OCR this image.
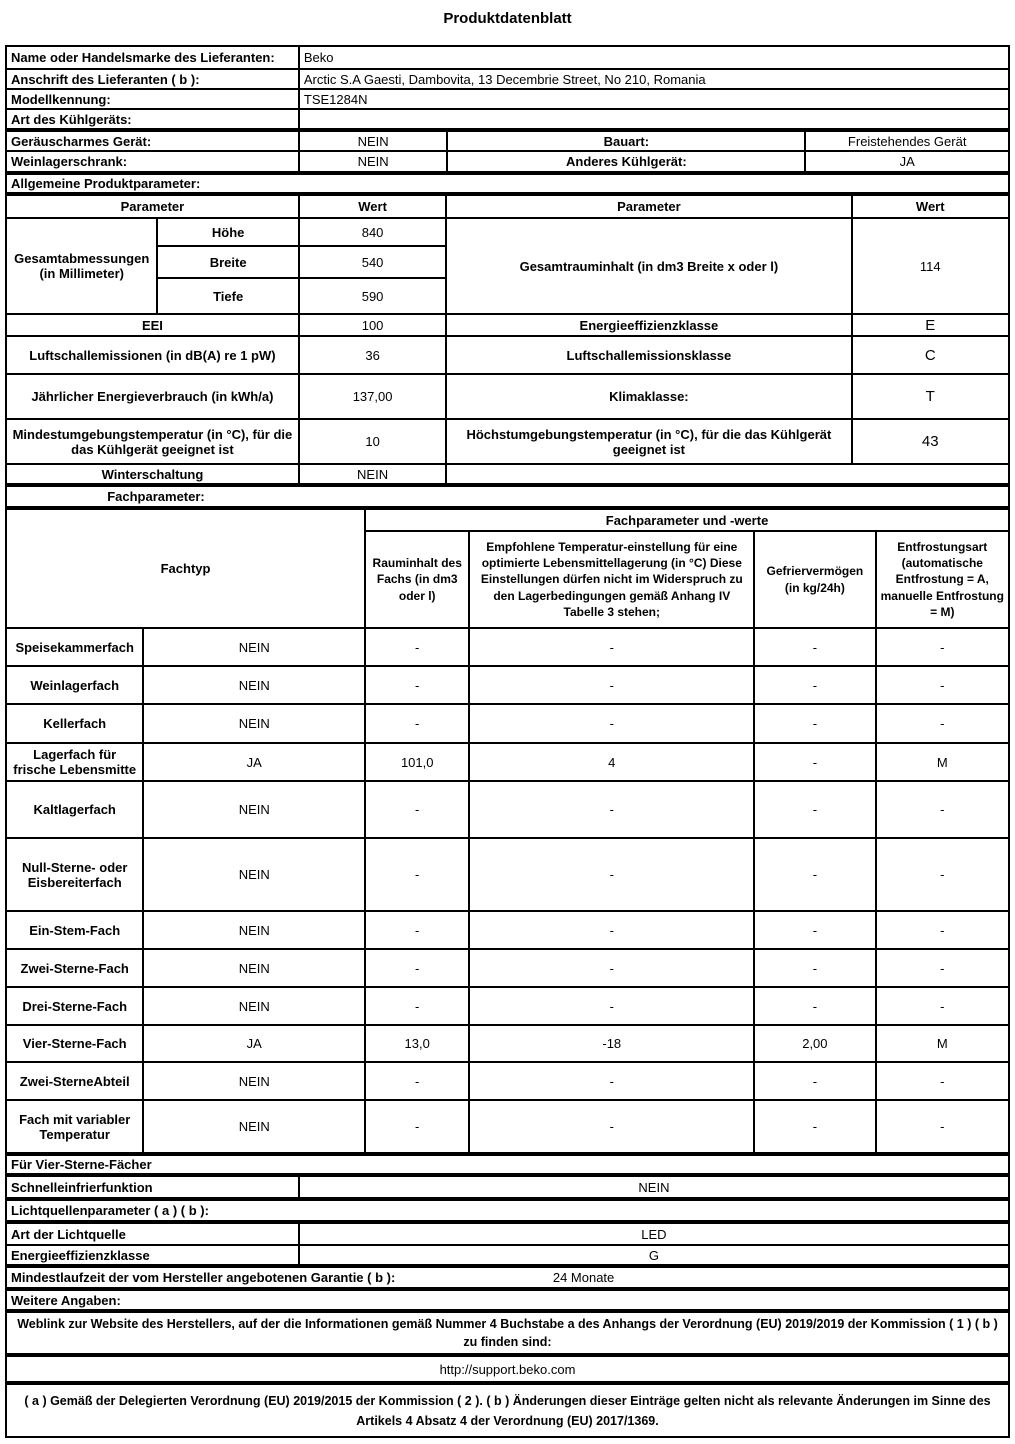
Produktdatenblatt
Name oder Handelsmarke des Lieferanten:	Beko
Anschrift des Lieferanten ( b ):	Arctic S.A Gaesti, Dambovita, 13 Decembrie Street, No 210, Romania
Modellkennung:	TSE1284N
Art des Kühlgeräts:	
Geräuscharmes Gerät:	NEIN	Bauart:	Freistehendes Gerät
Weinlagerschrank:	NEIN	Anderes Kühlgerät:	JA
Allgemeine Produktparameter:
Parameter		Wert	Parameter	Wert
Gesamtabmessungen (in Millimeter)	Höhe	840	Gesamtrauminhalt (in dm3 Breite x oder l)	114
	Breite	540		
	Tiefe	590		
EEI		100	Energieeffizienzklasse	E
Luftschallemissionen (in dB(A) re 1 pW)		36	Luftschallemissionsklasse	C
Jährlicher Energieverbrauch (in kWh/a)		137,00	Klimaklasse:	T
Mindestumgebungstemperatur (in °C), für die das Kühlgerät geeignet ist		10	Höchstumgebungstemperatur (in °C), für die das Kühlgerät geeignet ist	43
Winterschaltung		NEIN		
Fachparameter:
Fachtyp		Fachparameter und -werte			
		Rauminhalt des Fachs (in dm3 oder l)	Empfohlene Temperatur-einstellung für eine optimierte Lebensmittellagerung (in °C) Diese Einstellungen dürfen nicht im Widerspruch zu den Lagerbedingungen gemäß Anhang IV Tabelle 3 stehen;	Gefriervermögen (in kg/24h)	Entfrostungsart (automatische Entfrostung = A, manuelle Entfrostung = M)
Speisekammerfach	NEIN	-	-	-	-
Weinlagerfach	NEIN	-	-	-	-
Kellerfach	NEIN	-	-	-	-
Lagerfach für frische Lebensmitte	JA	101,0	4	-	M
Kaltlagerfach	NEIN	-	-	-	-
Null-Sterne- oder Eisbereiterfach	NEIN	-	-	-	-
Ein-Stem-Fach	NEIN	-	-	-	-
Zwei-Sterne-Fach	NEIN	-	-	-	-
Drei-Sterne-Fach	NEIN	-	-	-	-
Vier-Sterne-Fach	JA	13,0	-18	2,00	M
Zwei-SterneAbteil	NEIN	-	-	-	-
Fach mit variabler Temperatur	NEIN	-	-	-	-
Für Vier-Sterne-Fächer
Schnelleinfrierfunktion	NEIN
Lichtquellenparameter ( a ) ( b ):
Art der Lichtquelle	LED
Energieeffizienzklasse	G
Mindestlaufzeit der vom Hersteller angebotenen Garantie ( b ):	24 Monate
Weitere Angaben:
Weblink zur Website des Herstellers, auf der die Informationen gemäß Nummer 4 Buchstabe a des Anhangs der Verordnung (EU) 2019/2019 der Kommission ( 1 ) ( b ) zu finden sind:
http://support.beko.com
( a ) Gemäß der Delegierten Verordnung (EU) 2019/2015 der Kommission ( 2 ). ( b ) Änderungen dieser Einträge gelten nicht als relevante Änderungen im Sinne des Artikels 4 Absatz 4 der Verordnung (EU) 2017/1369.
